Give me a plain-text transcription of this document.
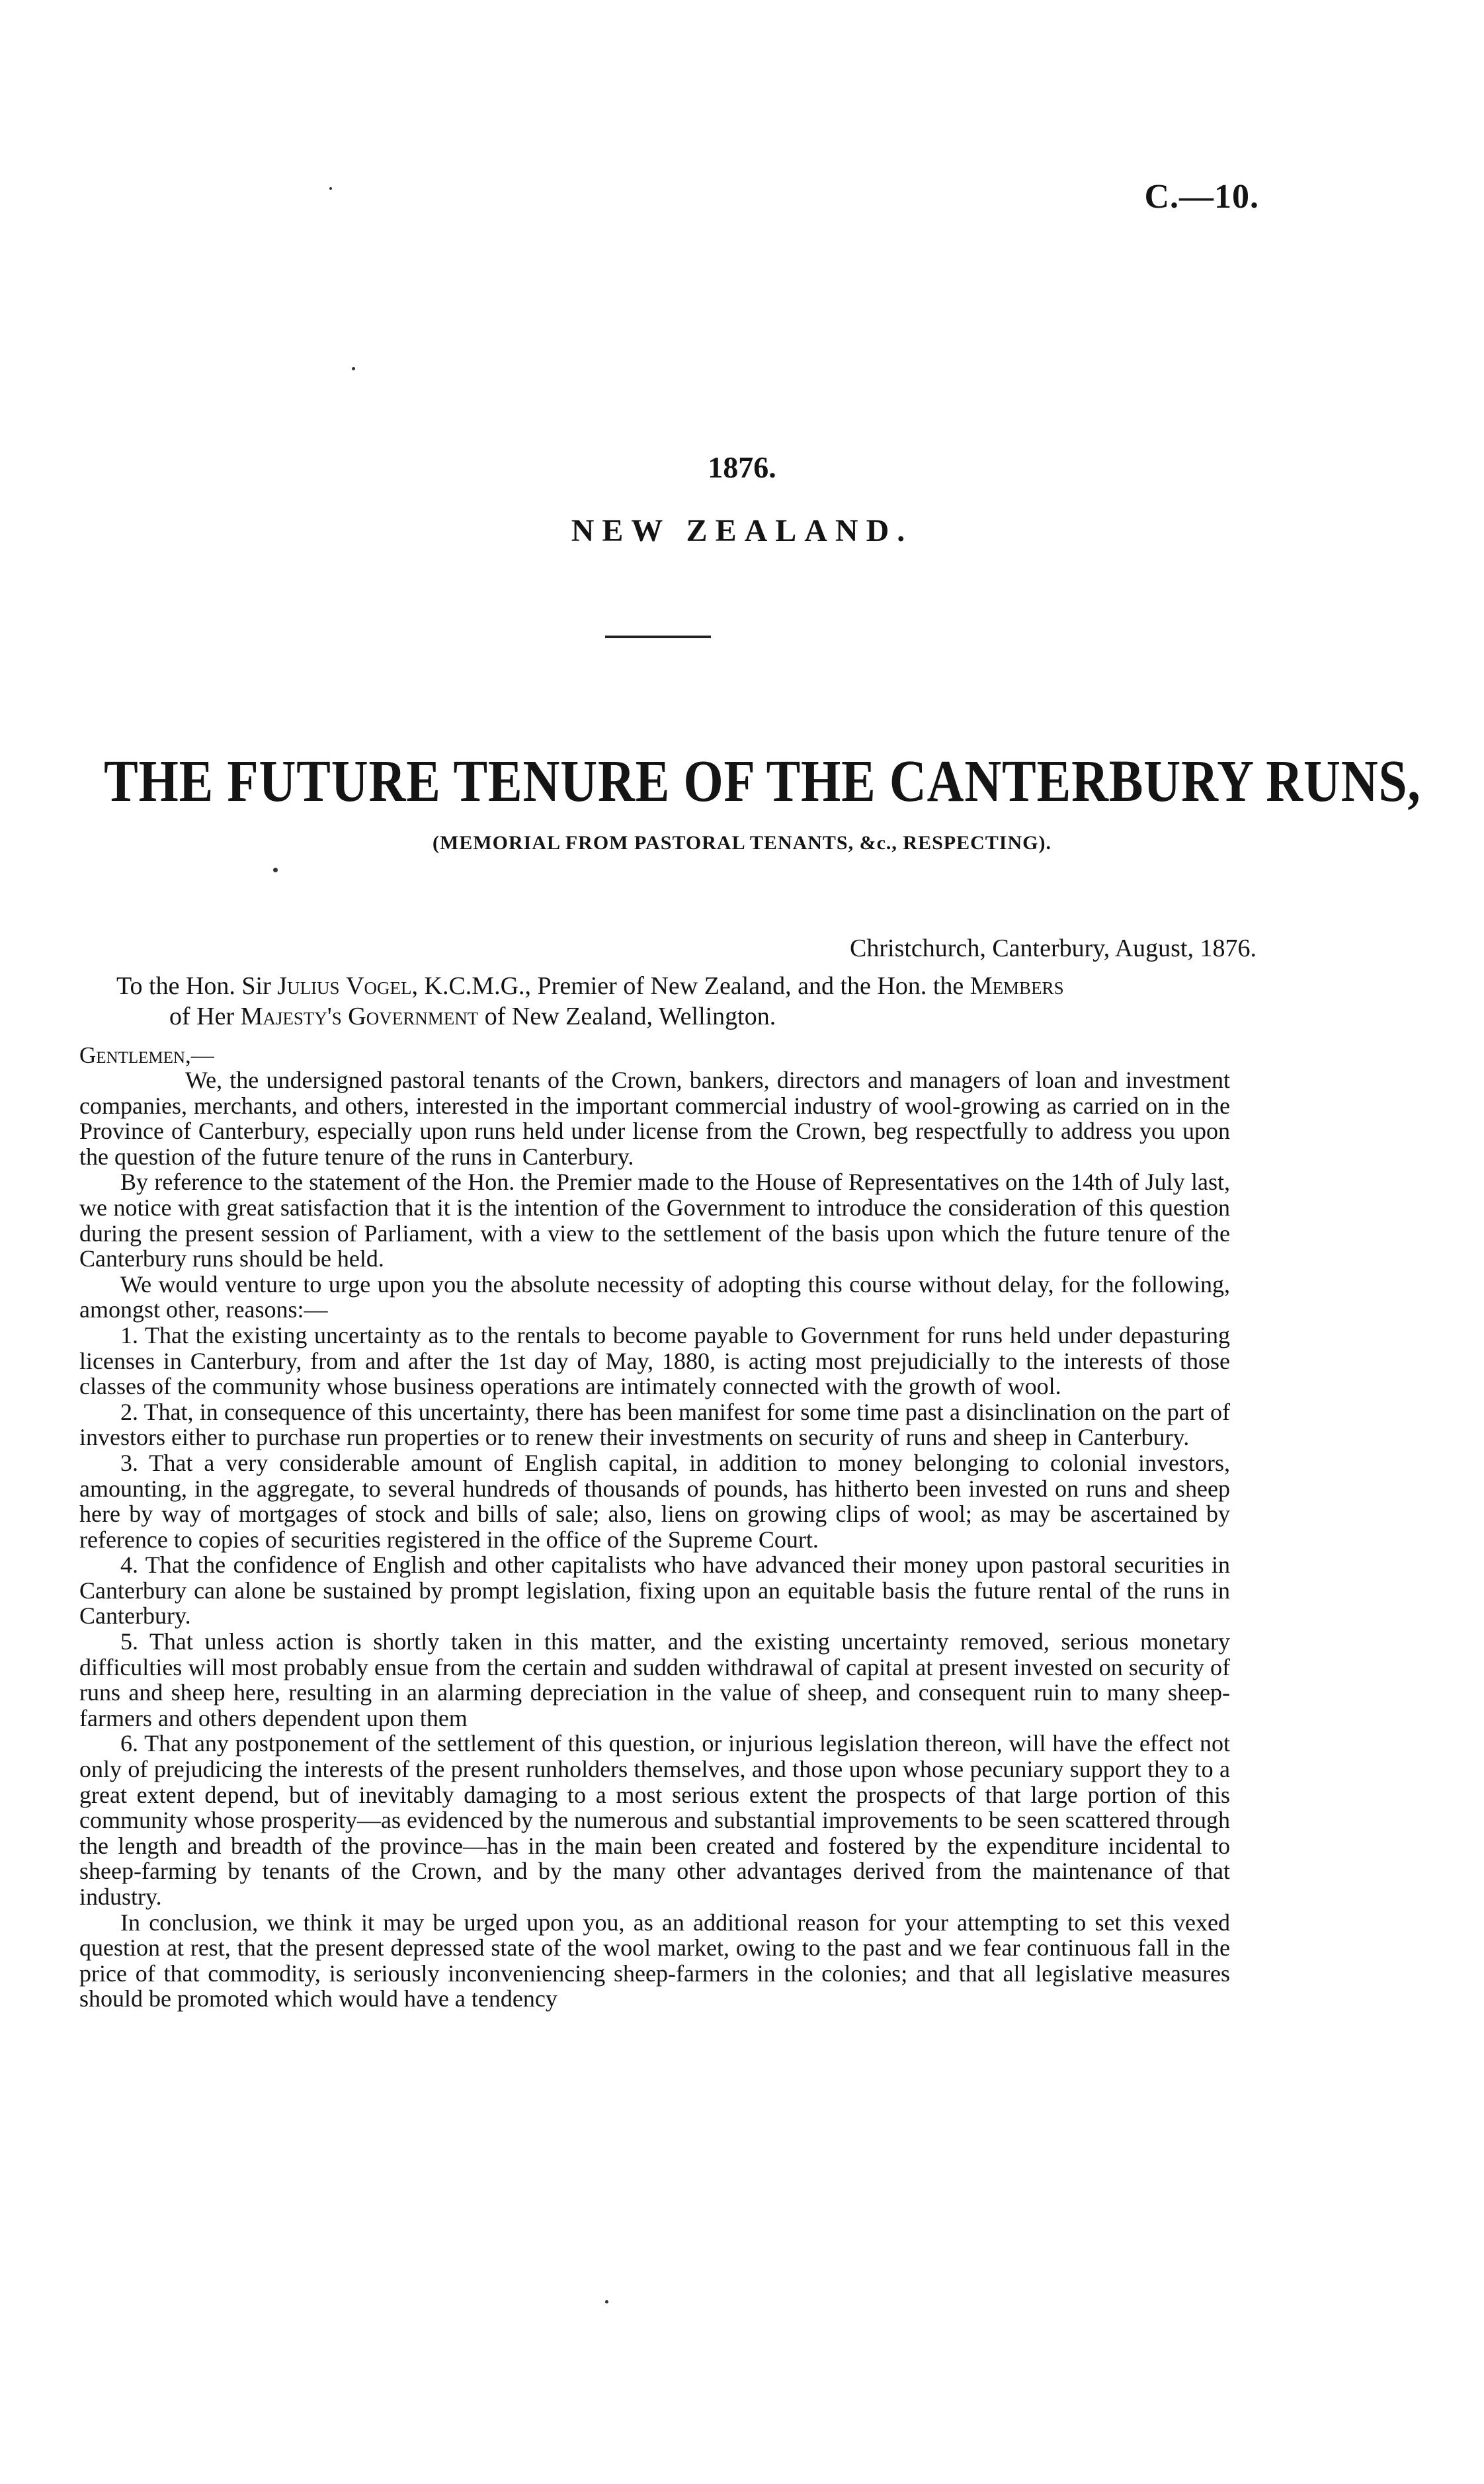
C.—10.
1876.
NEW ZEALAND.
THE FUTURE TENURE OF THE CANTERBURY RUNS,
(MEMORIAL FROM PASTORAL TENANTS, &c., RESPECTING).
Christchurch, Canterbury, August, 1876.
To the Hon. Sir Julius Vogel, K.C.M.G., Premier of New Zealand, and the Hon. the Members
of Her Majesty's Government of New Zealand, Wellington.
Gentlemen,—

We, the undersigned pastoral tenants of the Crown, bankers, directors and managers of loan and investment companies, merchants, and others, interested in the important commercial industry of wool-growing as carried on in the Province of Canterbury, especially upon runs held under license from the Crown, beg respectfully to address you upon the question of the future tenure of the runs in Canterbury.

By reference to the statement of the Hon. the Premier made to the House of Representatives on the 14th of July last, we notice with great satisfaction that it is the intention of the Government to introduce the consideration of this question during the present session of Parliament, with a view to the settlement of the basis upon which the future tenure of the Canterbury runs should be held.

We would venture to urge upon you the absolute necessity of adopting this course without delay, for the following, amongst other, reasons:—

1. That the existing uncertainty as to the rentals to become payable to Government for runs held under depasturing licenses in Canterbury, from and after the 1st day of May, 1880, is acting most prejudicially to the interests of those classes of the community whose business operations are intimately connected with the growth of wool.

2. That, in consequence of this uncertainty, there has been manifest for some time past a disinclination on the part of investors either to purchase run properties or to renew their investments on security of runs and sheep in Canterbury.

3. That a very considerable amount of English capital, in addition to money belonging to colonial investors, amounting, in the aggregate, to several hundreds of thousands of pounds, has hitherto been invested on runs and sheep here by way of mortgages of stock and bills of sale; also, liens on growing clips of wool; as may be ascertained by reference to copies of securities registered in the office of the Supreme Court.

4. That the confidence of English and other capitalists who have advanced their money upon pastoral securities in Canterbury can alone be sustained by prompt legislation, fixing upon an equitable basis the future rental of the runs in Canterbury.

5. That unless action is shortly taken in this matter, and the existing uncertainty removed, serious monetary difficulties will most probably ensue from the certain and sudden withdrawal of capital at present invested on security of runs and sheep here, resulting in an alarming depreciation in the value of sheep, and consequent ruin to many sheep-farmers and others dependent upon them

6. That any postponement of the settlement of this question, or injurious legislation thereon, will have the effect not only of prejudicing the interests of the present runholders themselves, and those upon whose pecuniary support they to a great extent depend, but of inevitably damaging to a most serious extent the prospects of that large portion of this community whose prosperity—as evidenced by the numerous and substantial improvements to be seen scattered through the length and breadth of the province—has in the main been created and fostered by the expenditure incidental to sheep-farming by tenants of the Crown, and by the many other advantages derived from the maintenance of that industry.

In conclusion, we think it may be urged upon you, as an additional reason for your attempting to set this vexed question at rest, that the present depressed state of the wool market, owing to the past and we fear continuous fall in the price of that commodity, is seriously inconveniencing sheep-farmers in the colonies; and that all legislative measures should be promoted which would have a tendency
